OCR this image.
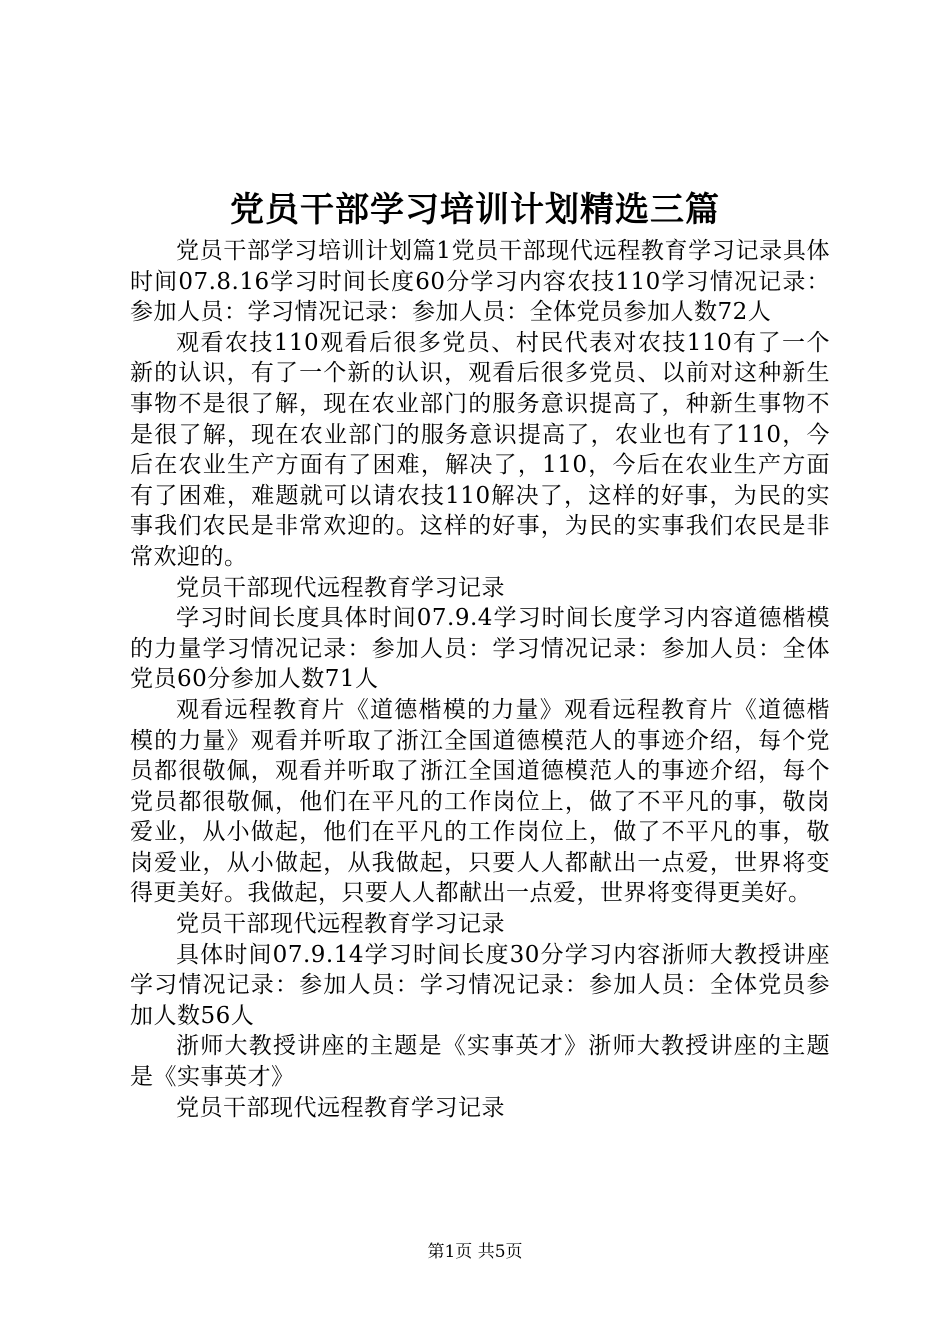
党员干部学习培训计划精选三篇

党员干部学习培训计划篇1党员干部现代远程教育学习记录具体时间07.8.16学习时间长度60分学习内容农技110学习情况记录：参加人员：学习情况记录：参加人员：全体党员参加人数72人

观看农技110观看后很多党员、村民代表对农技110有了一个新的认识，有了一个新的认识，观看后很多党员、以前对这种新生事物不是很了解，现在农业部门的服务意识提高了，种新生事物不是很了解，现在农业部门的服务意识提高了，农业也有了110，今后在农业生产方面有了困难，解决了，110，今后在农业生产方面有了困难，难题就可以请农技110解决了，这样的好事，为民的实事我们农民是非常欢迎的。这样的好事，为民的实事我们农民是非常欢迎的。

党员干部现代远程教育学习记录

学习时间长度具体时间07.9.4学习时间长度学习内容道德楷模的力量学习情况记录：参加人员：学习情况记录：参加人员：全体党员60分参加人数71人

观看远程教育片《道德楷模的力量》观看远程教育片《道德楷模的力量》观看并听取了浙江全国道德模范人的事迹介绍，每个党员都很敬佩，观看并听取了浙江全国道德模范人的事迹介绍，每个党员都很敬佩，他们在平凡的工作岗位上，做了不平凡的事，敬岗爱业，从小做起，他们在平凡的工作岗位上，做了不平凡的事，敬岗爱业，从小做起，从我做起，只要人人都献出一点爱，世界将变得更美好。我做起，只要人人都献出一点爱，世界将变得更美好。

党员干部现代远程教育学习记录

具体时间07.9.14学习时间长度30分学习内容浙师大教授讲座学习情况记录：参加人员：学习情况记录：参加人员：全体党员参加人数56人

浙师大教授讲座的主题是《实事英才》浙师大教授讲座的主题是《实事英才》

党员干部现代远程教育学习记录

第1页 共5页
